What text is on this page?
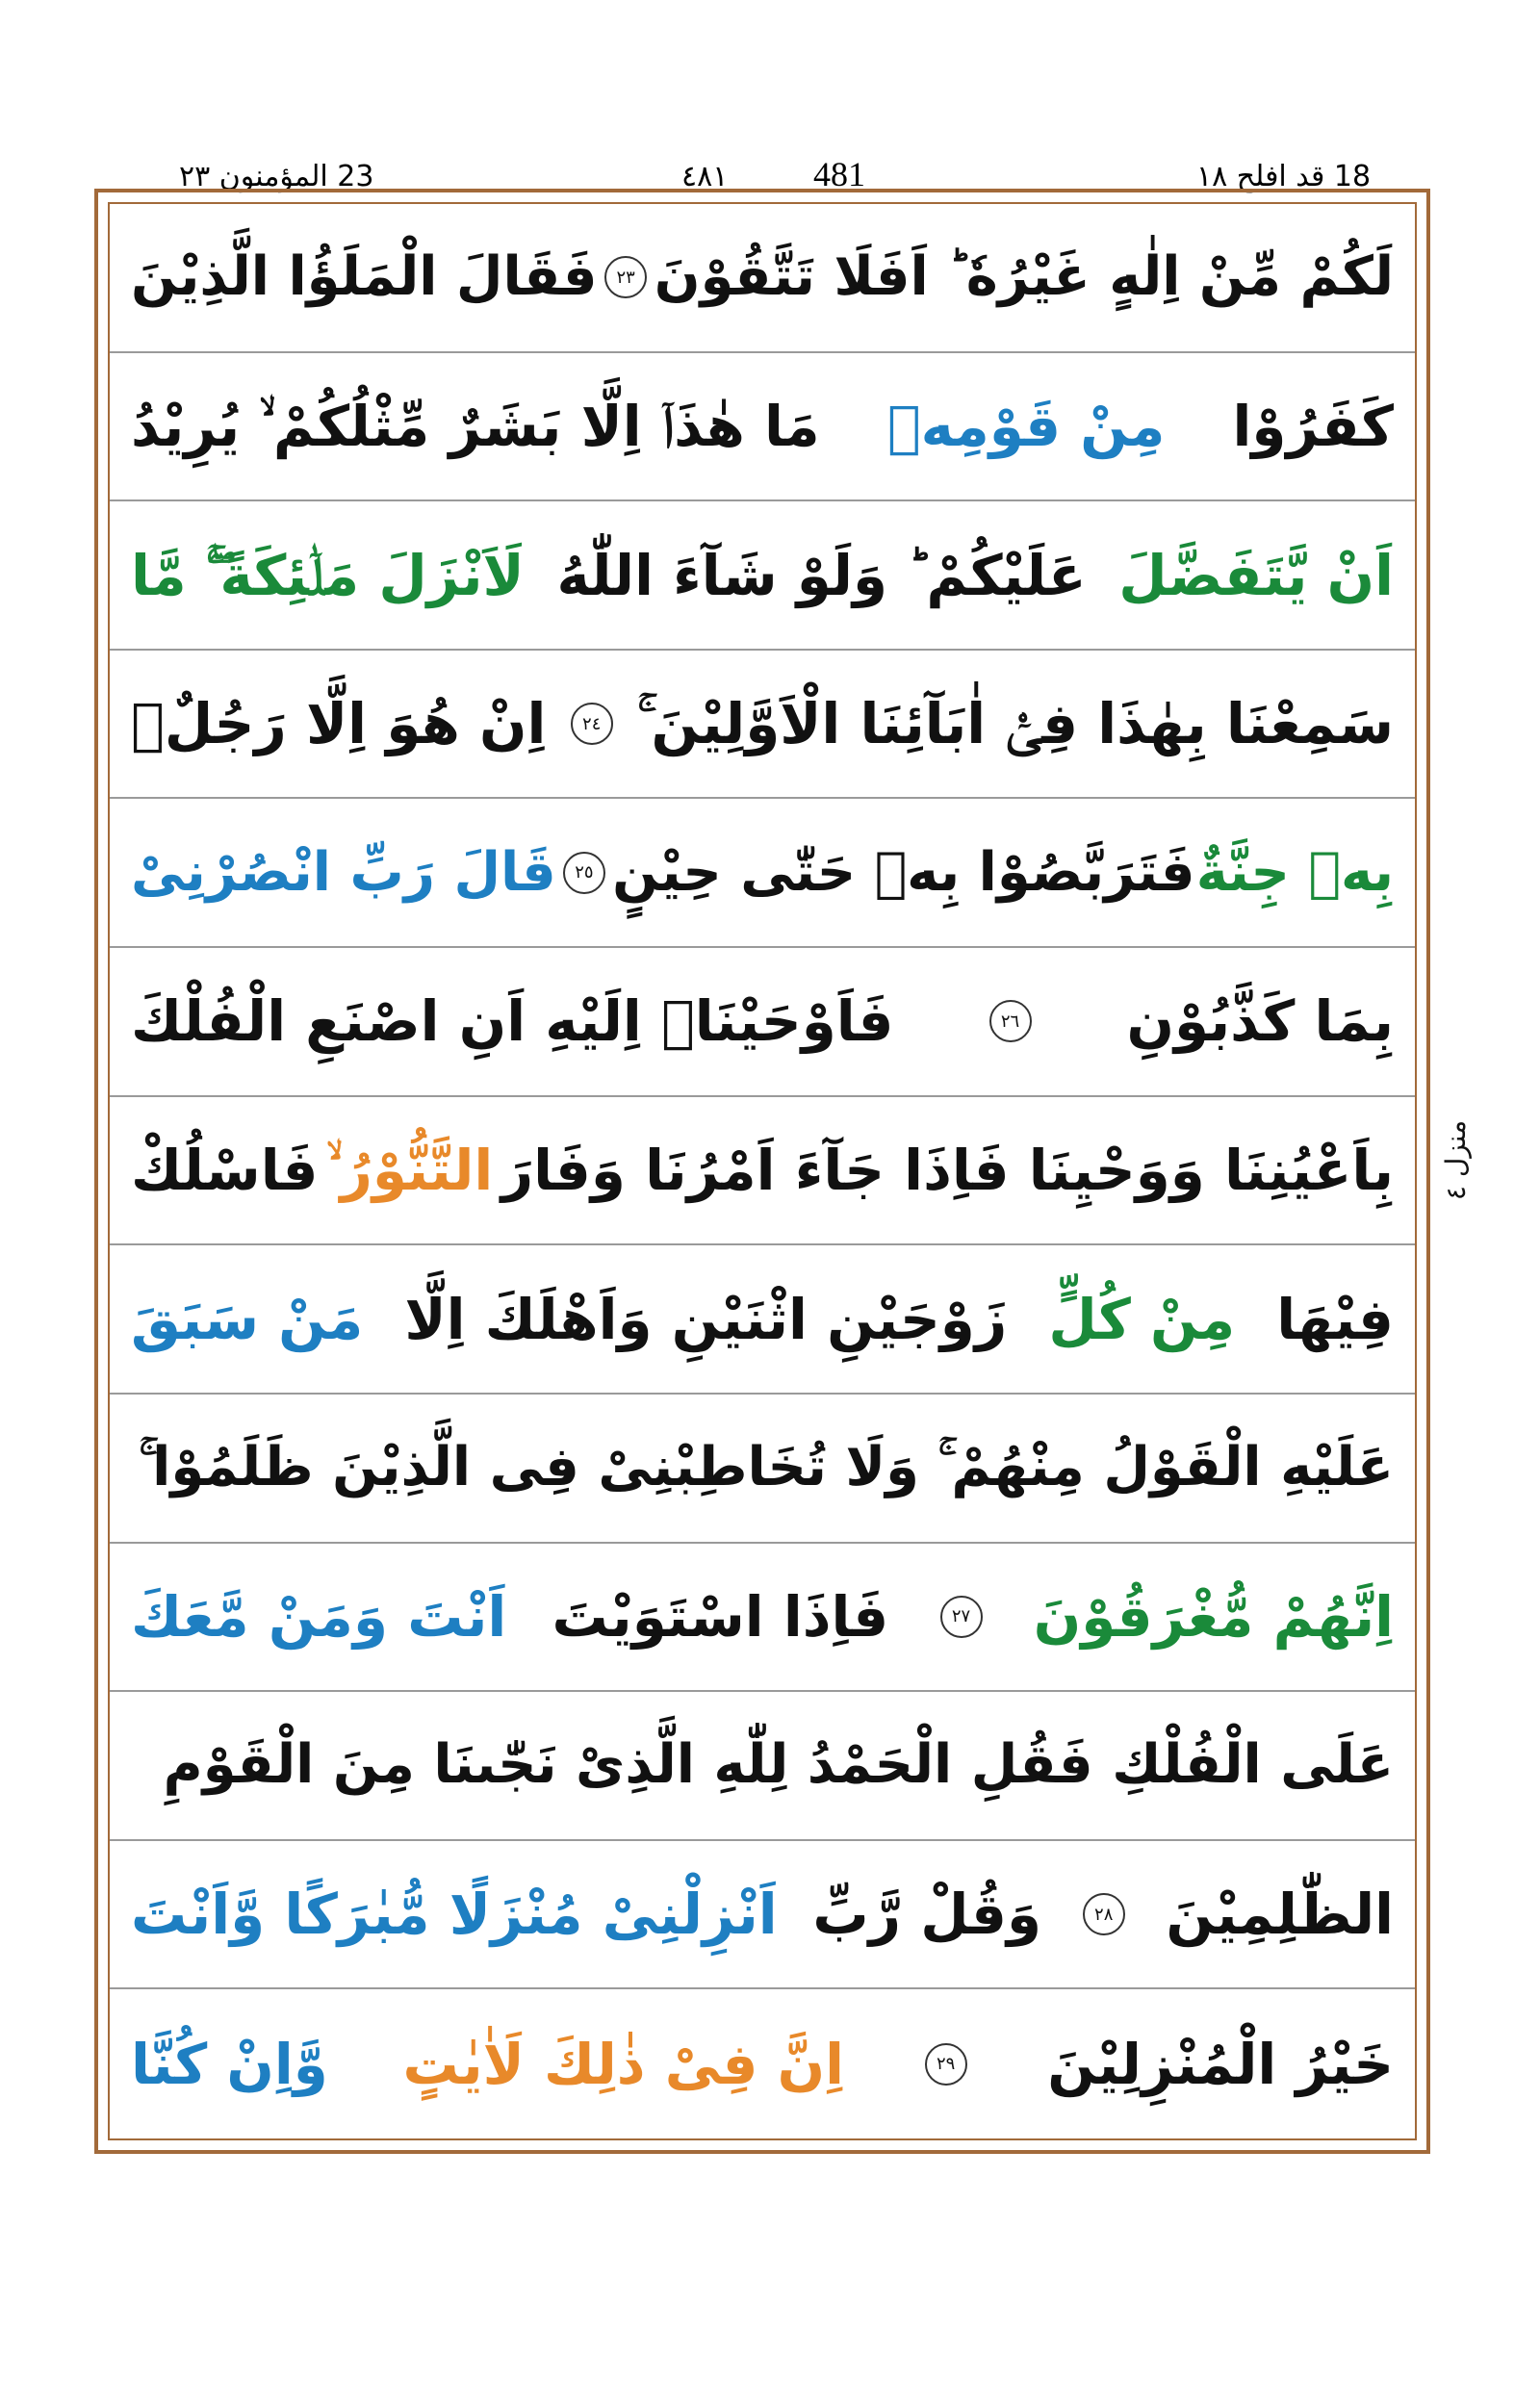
23 المؤمنون ٢٣	481
٤٨١	18 قد افلح ١٨
لَكُمْ مِّنْ اِلٰهٍ غَيْرُهٗ ؕ اَفَلَا تَتَّقُوْنَ
٢٣
فَقَالَ الْمَلَؤُا الَّذِيْنَ
كَفَرُوْا
مِنْ قَوْمِهٖ
مَا هٰذَاۤ اِلَّا بَشَرٌ مِّثْلُكُمْ ۙ يُرِيْدُ
اَنْ يَّتَفَضَّلَ
عَلَيْكُمْ ؕ وَلَوْ شَآءَ اللّٰهُ
لَاَنْزَلَ مَلٰۤئِكَةً ۚۖ مَّا
سَمِعْنَا بِهٰذَا فِیْۤ اٰبَآئِنَا الْاَوَّلِيْنَ ۚ
٢٤
اِنْ هُوَ اِلَّا رَجُلٌۢ
بِهٖ جِنَّةٌ
فَتَرَبَّصُوْا بِهٖ حَتّٰى حِيْنٍ
٢٥
قَالَ رَبِّ انْصُرْنِیْ
بِمَا كَذَّبُوْنِ
٢٦
فَاَوْحَيْنَاۤ اِلَيْهِ اَنِ اصْنَعِ الْفُلْكَ
بِاَعْيُنِنَا وَوَحْيِنَا فَاِذَا جَآءَ اَمْرُنَا وَفَارَ
التَّنُّوْرُ ۙ
فَاسْلُكْ
فِيْهَا
مِنْ كُلٍّ
زَوْجَيْنِ اثْنَيْنِ وَاَهْلَكَ اِلَّا
مَنْ سَبَقَ
عَلَيْهِ الْقَوْلُ مِنْهُمْ ۚ وَلَا تُخَاطِبْنِیْ فِی الَّذِيْنَ ظَلَمُوْا ۚ
اِنَّهُمْ مُّغْرَقُوْنَ
٢٧
فَاِذَا اسْتَوَيْتَ
اَنْتَ وَمَنْ مَّعَكَ
عَلَى الْفُلْكِ فَقُلِ الْحَمْدُ لِلّٰهِ الَّذِیْ نَجّٰىنَا مِنَ الْقَوْمِ
الظّٰلِمِيْنَ
٢٨
وَقُلْ رَّبِّ
اَنْزِلْنِیْ مُنْزَلًا مُّبٰرَكًا وَّاَنْتَ
خَيْرُ الْمُنْزِلِيْنَ
٢٩
اِنَّ فِیْ ذٰلِكَ لَاٰيٰتٍ
وَّاِنْ كُنَّا
منزل ٤
